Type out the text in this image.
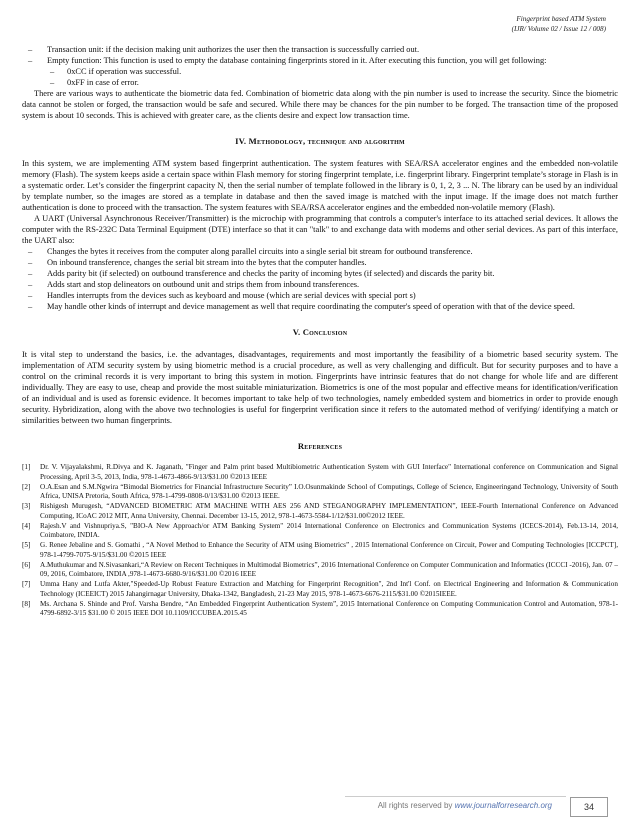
Fingerprint based ATM System
(IJR/ Volume 02 / Issue 12 / 008)
– Transaction unit: if the decision making unit authorizes the user then the transaction is successfully carried out.
– Empty function: This function is used to empty the database containing fingerprints stored in it. After executing this function, you will get following:
– 0xCC if operation was successful.
– 0xFF in case of error.

There are various ways to authenticate the biometric data fed. Combination of biometric data along with the pin number is used to increase the security. Since the biometric data cannot be stolen or forged, the transaction would be safe and secured. While there may be chances for the pin number to be forged. The transaction time of the proposed system is about 10 seconds. This is achieved with greater care, as the clients desire and expect low transaction time.

IV. Methodology, technique and algorithm

In this system, we are implementing ATM system based fingerprint authentication. The system features with SEA/RSA accelerator engines and the embedded non-volatile memory (Flash). The system keeps aside a certain space within Flash memory for storing fingerprint template, i.e. fingerprint library. Fingerprint template’s storage in Flash is in a systematic order. Let’s consider the fingerprint capacity N, then the serial number of template followed in the library is 0, 1, 2, 3 ... N. The library can be used by an individual by template number, so the images are stored as a template in database and then the saved image is matched with the input image. If the image does not match further authentication is done to proceed with the transaction. The system features with SEA/RSA accelerator engines and the embedded non-volatile memory (Flash).

A UART (Universal Asynchronous Receiver/Transmitter) is the microchip with programming that controls a computer's interface to its attached serial devices. It allows the computer with the RS-232C Data Terminal Equipment (DTE) interface so that it can "talk" to and exchange data with modems and other serial devices. As part of this interface, the UART also:

– Changes the bytes it receives from the computer along parallel circuits into a single serial bit stream for outbound transference.
– On inbound transference, changes the serial bit stream into the bytes that the computer handles.
– Adds parity bit (if selected) on outbound transference and checks the parity of incoming bytes (if selected) and discards the parity bit.
– Adds start and stop delineators on outbound unit and strips them from inbound transferences.
– Handles interrupts from the devices such as keyboard and mouse (which are serial devices with special port s)
– May handle other kinds of interrupt and device management as well that require coordinating the computer's speed of operation with that of the device speed.
V. Conclusion

It is vital step to understand the basics, i.e. the advantages, disadvantages, requirements and most importantly the feasibility of a biometric based security system. The implementation of ATM security system by using biometric method is a crucial procedure, as well as very challenging and difficult. But for security purposes and to have a control on the criminal records it is very important to bring this system in motion. Fingerprints have intrinsic features that do not change for whole life and are different individually. They are easy to use, cheap and provide the most suitable miniaturization. Biometrics is one of the most popular and effective means for identification/verification of an individual and is used as forensic evidence. It becomes important to take help of two technologies, namely embedded system and biometrics in order to provide enough security. Hybridization, along with the above two technologies is useful for fingerprint verification since it refers to the automated method of verifying/ identifying a match or similarities between two human fingerprints.

References
[1] Dr. V. Vijayalakshmi, R.Divya and K. Jaganath, "Finger and Palm print based Multibiometric Authentication System with GUI Interface" International conference on Communication and Signal Processing, April 3-5, 2013, India, 978-1-4673-4866-9/13/$31.00 ©2013 IEEE
[2] O.A.Esan and S.M.Ngwira “Bimodal Biometrics for Financial Infrastructure Security” I.O.Osunmakinde School of Computings, College of Science, Engineeringand Technology, University of South Africa, UNISA Pretoria, South Africa, 978-1-4799-0808-0/13/$31.00 ©2013 IEEE.
[3] Rishigesh Murugesh, “ADVANCED BIOMETRIC ATM MACHINE WITH AES 256 AND STEGANOGRAPHY IMPLEMENTATION”, IEEE-Fourth International Conference on Advanced Computing, ICoAC 2012 MIT, Anna University, Chennai. December 13-15, 2012, 978-1-4673-5584-1/12/$31.00©2012 IEEE.
[4] Rajesh.V and Vishnupriya.S, "BIO-A New Approach/or ATM Banking System" 2014 International Conference on Electronics and Communication Systems (ICECS-2014), Feb.13-14, 2014, Coimbatore, INDIA.
[5] G. Renee Jebaline and S. Gomathi , “A Novel Method to Enhance the Security of ATM using Biometrics” , 2015 International Conference on Circuit, Power and Computing Technologies [ICCPCT], 978-1-4799-7075-9/15/$31.00 ©2015 IEEE
[6] A.Muthukumar and N.Sivasankari,“A Review on Recent Techniques in Multimodal Biometrics”, 2016 International Conference on Computer Communication and Informatics (ICCCI -2016), Jan. 07 – 09, 2016, Coimbatore, INDIA ,978-1-4673-6680-9/16/$31.00 ©2016 IEEE
[7] Umma Hany and Lutfa Akter,"Speeded-Up Robust Feature Extraction and Matching for Fingerprint Recognition", 2nd Int'l Conf. on Electrical Engineering and Information & Communication Technology (ICEEICT) 2015 Jahangirnagar University, Dhaka-1342, Bangladesh, 21-23 May 2015, 978-1-4673-6676-2115/$31.00 ©2015IEEE.
[8] Ms. Archana S. Shinde and Prof. Varsha Bendre, “An Embedded Fingerprint Authentication System”, 2015 International Conference on Computing Communication Control and Automation, 978-1-4799-6892-3/15 $31.00 © 2015 IEEE DOI 10.1109/ICCUBEA.2015.45
All rights reserved by www.journalforresearch.org	34
